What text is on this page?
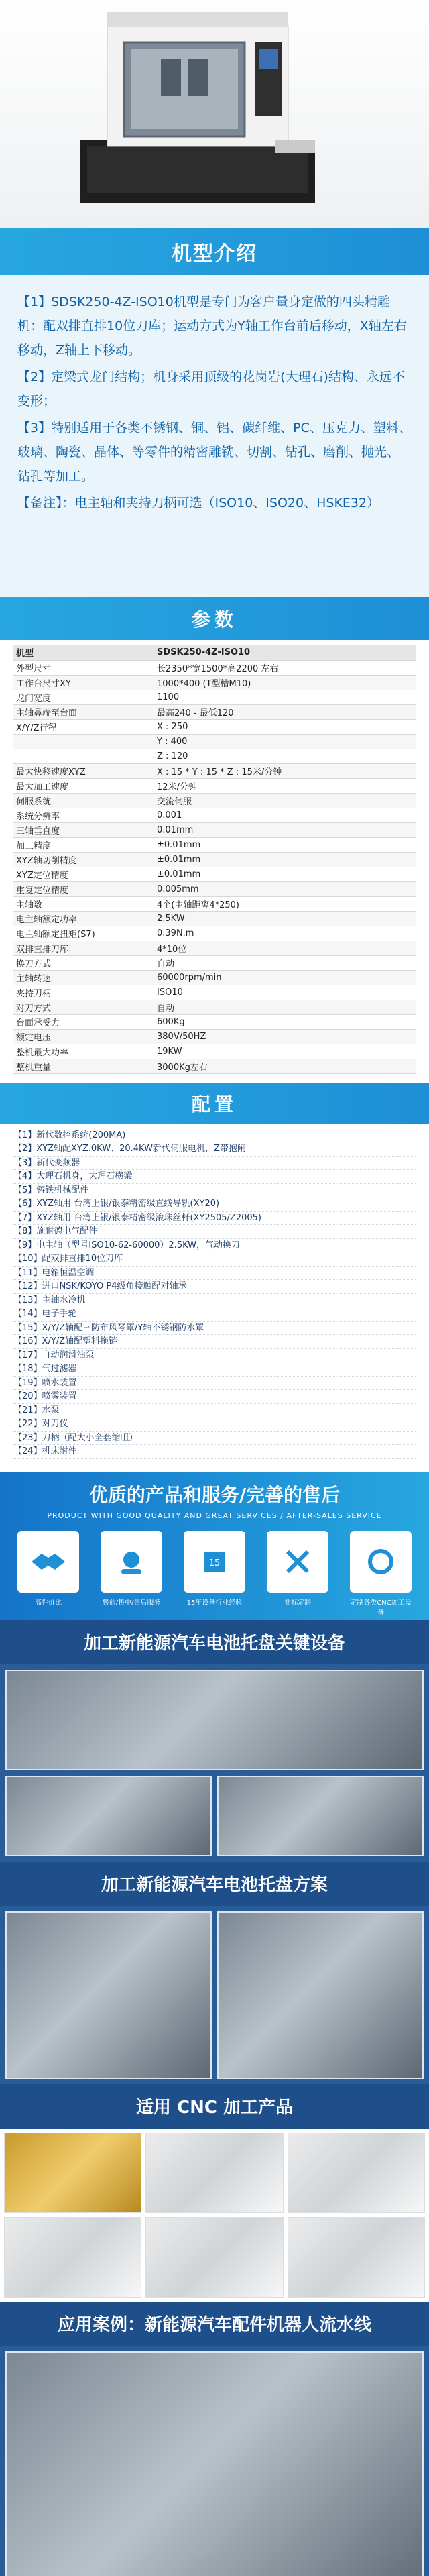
机型介绍

【1】SDSK250-4Z-ISO10机型是专门为客户量身定做的四头精雕机：配双排直排10位刀库；运动方式为Y轴工作台前后移动，X轴左右移动，Z轴上下移动。

【2】定梁式龙门结构；机身采用顶级的花岗岩(大理石)结构、永远不变形；

【3】特别适用于各类不锈钢、铜、铝、碳纤维、PC、压克力、塑料、玻璃、陶瓷、晶体、等零件的精密雕铣、切割、钻孔、磨削、抛光、钻孔等加工。

【备注】：电主轴和夹持刀柄可选（ISO10、ISO20、HSKE32）

参数
机型	SDSK250-4Z-ISO10
外型尺寸	长2350*宽1500*高2200 左右
工作台尺寸XY	1000*400 (T型槽M10)
龙门宽度	1100
主轴鼻端至台面	最高240 - 最低120
X/Y/Z行程	X : 250
	Y : 400
	Z : 120
最大快移速度XYZ	X : 15 * Y : 15 * Z : 15米/分钟
最大加工速度	12米/分钟
伺服系统	交流伺服
系统分辨率	0.001
三轴垂直度	0.01mm
加工精度	±0.01mm
XYZ轴切削精度	±0.01mm
XYZ定位精度	±0.01mm
重复定位精度	0.005mm
主轴数	4个(主轴距离4*250)
电主轴额定功率	2.5KW
电主轴额定扭矩(S7)	0.39N.m
双排直排刀库	4*10位
换刀方式	自动
主轴转速	60000rpm/min
夹持刀柄	ISO10
对刀方式	自动
台面承受力	600Kg
额定电压	380V/50HZ
整机最大功率	19KW
整机重量	3000Kg左右
配置
【1】新代数控系统(200MA)
【2】XYZ轴配XYZ.0KW、20.4KW新代伺服电机，Z带抱闸
【3】新代变频器
【4】大理石机身，大理石横梁
【5】铸铁机械配件
【6】XYZ轴用 台湾上银/银泰精密级直线导轨(XY20)
【7】XYZ轴用 台湾上银/银泰精密级滚珠丝杆(XY2505/Z2005)
【8】施耐德电气配件
【9】电主轴（型号ISO10-62-60000）2.5KW，气动换刀
【10】配双排直排10位刀库
【11】电箱恒温空调
【12】进口NSK/KOYO P4级角接触配对轴承
【13】主轴水冷机
【14】电子手轮
【15】X/Y/Z轴配三防布风琴罩/Y轴不锈钢防水罩
【16】X/Y/Z轴配塑料拖链
【17】自动润滑油泵
【18】气过滤器
【19】喷水装置
【20】喷雾装置
【21】水泵
【22】对刀仪
【23】刀柄（配大小全套缩咀）
【24】机床附件
优质的产品和服务/完善的售后
PRODUCT WITH GOOD QUALITY AND GREAT SERVICES / AFTER-SALES SERVICE
高性价比	售前/售中/售后服务
15
15年设备行业经验	非标定制	定制各类CNC加工设备
加工新能源汽车电池托盘关键设备
加工新能源汽车电池托盘方案
适用 CNC 加工产品
应用案例：新能源汽车配件机器人流水线
